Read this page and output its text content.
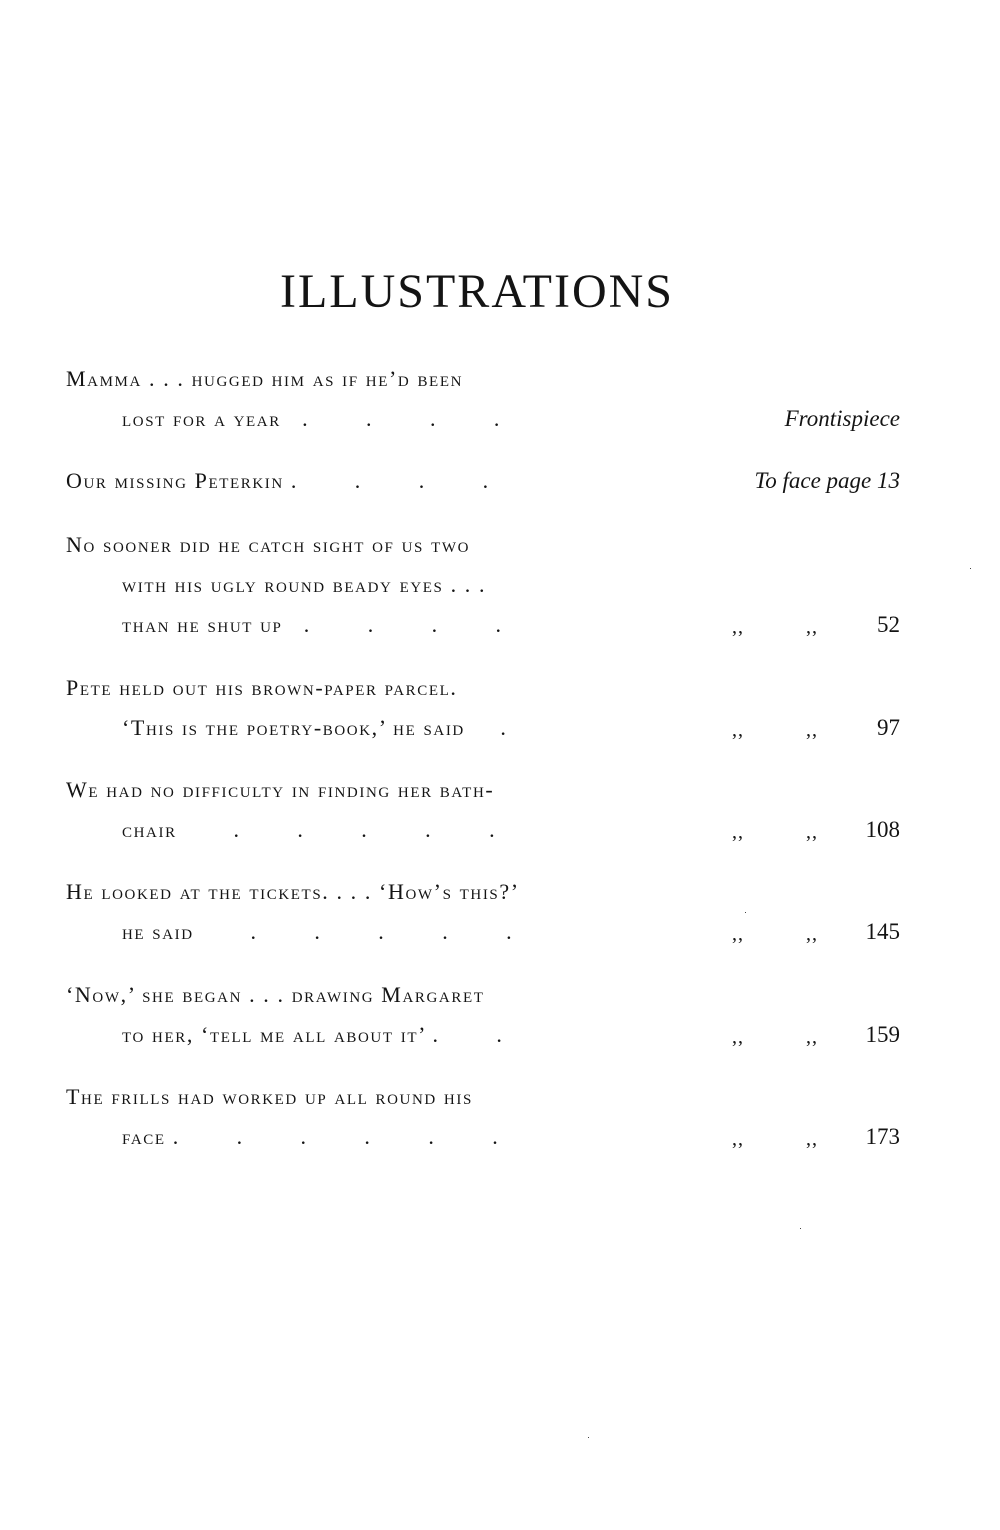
ILLUSTRATIONS
Mamma . . . hugged him as if he’d been
lost for a year   .        .        .        .	Frontispiece
Our missing Peterkin .        .        .        .	To face page 13
No sooner did he catch sight of us two
with his ugly round beady eyes . . .
than he shut up   .        .        .        .	,,	,,	52
Pete held out his brown-paper parcel.
‘This is the poetry-book,’ he said     .	,,	,,	97
We had no difficulty in finding her bath-
chair        .        .        .        .        .	,,	,, 108
He looked at the tickets. . . . ‘How’s this?’
he said        .        .        .        .        .	,,	,, 145
‘Now,’ she began . . . drawing Margaret
to her, ‘tell me all about it’ .        .	,,	,, 159
The frills had worked up all round his
face .        .        .        .        .        .	,,	,, 173
